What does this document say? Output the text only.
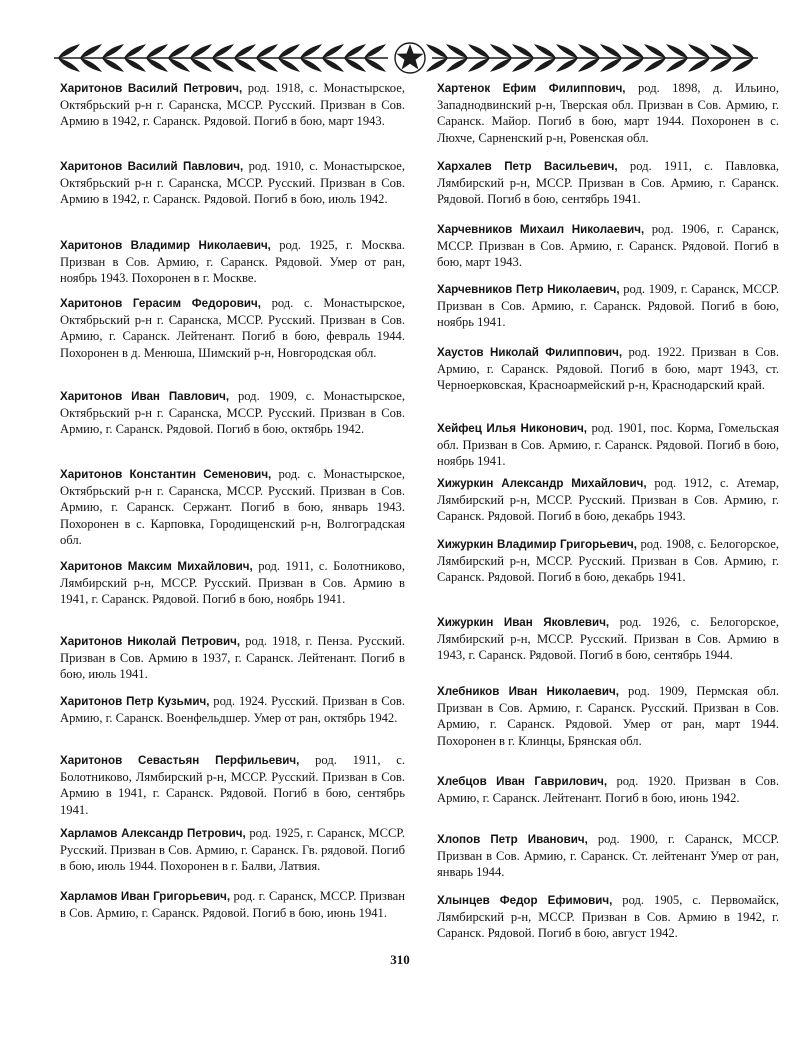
Харитонов Василий Петрович, род. 1918, с. Монастырское, Октябрьский р-н г. Саранска, МССР. Русский. Призван в Сов. Армию в 1942, г. Саранск. Рядовой. Погиб в бою, март 1943.

Харитонов Василий Павлович, род. 1910, с. Монастырское, Октябрьский р-н г. Саранска, МССР. Русский. Призван в Сов. Армию в 1942, г. Саранск. Рядовой. Погиб в бою, июль 1942.

Харитонов Владимир Николаевич, род. 1925, г. Москва. Призван в Сов. Армию, г. Саранск. Рядовой. Умер от ран, ноябрь 1943. Похоронен в г. Москве.

Харитонов Герасим Федорович, род. с. Монастырское, Октябрьский р-н г. Саранска, МССР. Русский. Призван в Сов. Армию, г. Саранск. Лейтенант. Погиб в бою, февраль 1944. Похоронен в д. Менюша, Шимский р-н, Новгородская обл.

Харитонов Иван Павлович, род. 1909, с. Монастырское, Октябрьский р-н г. Саранска, МССР. Русский. Призван в Сов. Армию, г. Саранск. Рядовой. Погиб в бою, октябрь 1942.

Харитонов Константин Семенович, род. с. Монастырское, Октябрьский р-н г. Саранска, МССР. Русский. Призван в Сов. Армию, г. Саранск. Сержант. Погиб в бою, январь 1943. Похоронен в с. Карповка, Городищенский р-н, Волгоградская обл.

Харитонов Максим Михайлович, род. 1911, с. Болотниково, Лямбирский р-н, МССР. Русский. Призван в Сов. Армию в 1941, г. Саранск. Рядовой. Погиб в бою, ноябрь 1941.

Харитонов Николай Петрович, род. 1918, г. Пенза. Русский. Призван в Сов. Армию в 1937, г. Саранск. Лейтенант. Погиб в бою, июль 1941.

Харитонов Петр Кузьмич, род. 1924. Русский. Призван в Сов. Армию, г. Саранск. Военфельдшер. Умер от ран, октябрь 1942.

Харитонов Севастьян Перфильевич, род. 1911, с. Болотниково, Лямбирский р-н, МССР. Русский. Призван в Сов. Армию в 1941, г. Саранск. Рядовой. Погиб в бою, сентябрь 1941.

Харламов Александр Петрович, род. 1925, г. Саранск, МССР. Русский. Призван в Сов. Армию, г. Саранск. Гв. рядовой. Погиб в бою, июль 1944. Похоронен в г. Балви, Латвия.

Харламов Иван Григорьевич, род. г. Саранск, МССР. Призван в Сов. Армию, г. Саранск. Рядовой. Погиб в бою, июнь 1941.

Хартенок Ефим Филиппович, род. 1898, д. Ильино, Западнодвинский р-н, Тверская обл. Призван в Сов. Армию, г. Саранск. Майор. Погиб в бою, март 1944. Похоронен в с. Люхче, Сарненский р-н, Ровенская обл.

Хархалев Петр Васильевич, род. 1911, с. Павловка, Лямбирский р-н, МССР. Призван в Сов. Армию, г. Саранск. Рядовой. Погиб в бою, сентябрь 1941.

Харчевников Михаил Николаевич, род. 1906, г. Саранск, МССР. Призван в Сов. Армию, г. Саранск. Рядовой. Погиб в бою, март 1943.

Харчевников Петр Николаевич, род. 1909, г. Саранск, МССР. Призван в Сов. Армию, г. Саранск. Рядовой. Погиб в бою, ноябрь 1941.

Хаустов Николай Филиппович, род. 1922. Призван в Сов. Армию, г. Саранск. Рядовой. Погиб в бою, март 1943, ст. Черноерковская, Красноармейский р-н, Краснодарский край.

Хейфец Илья Никонович, род. 1901, пос. Корма, Гомельская обл. Призван в Сов. Армию, г. Саранск. Рядовой. Погиб в бою, ноябрь 1941.

Хижуркин Александр Михайлович, род. 1912, с. Атемар, Лямбирский р-н, МССР. Русский. Призван в Сов. Армию, г. Саранск. Рядовой. Погиб в бою, декабрь 1943.

Хижуркин Владимир Григорьевич, род. 1908, с. Белогорское, Лямбирский р-н, МССР. Русский. Призван в Сов. Армию, г. Саранск. Рядовой. Погиб в бою, декабрь 1941.

Хижуркин Иван Яковлевич, род. 1926, с. Белогорское, Лямбирский р-н, МССР. Русский. Призван в Сов. Армию в 1943, г. Саранск. Рядовой. Погиб в бою, сентябрь 1944.

Хлебников Иван Николаевич, род. 1909, Пермская обл. Призван в Сов. Армию, г. Саранск. Русский. Призван в Сов. Армию, г. Саранск. Рядовой. Умер от ран, март 1944. Похоронен в г. Клинцы, Брянская обл.

Хлебцов Иван Гаврилович, род. 1920. Призван в Сов. Армию, г. Саранск. Лейтенант. Погиб в бою, июнь 1942.

Хлопов Петр Иванович, род. 1900, г. Саранск, МССР. Призван в Сов. Армию, г. Саранск. Ст. лейтенант Умер от ран, январь 1944.

Хлынцев Федор Ефимович, род. 1905, с. Первомайск, Лямбирский р-н, МССР. Призван в Сов. Армию в 1942, г. Саранск. Рядовой. Погиб в бою, август 1942.

310
